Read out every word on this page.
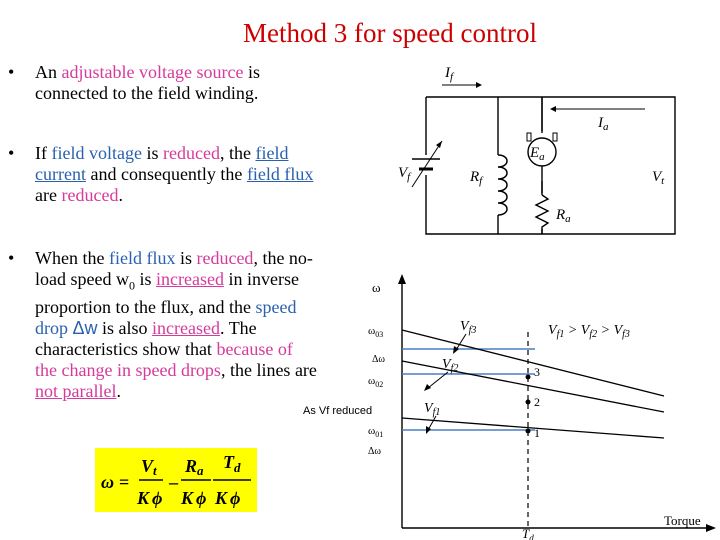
Method 3 for speed control
• An adjustable voltage source is
connected to the field winding.
• If field voltage is reduced, the field
current and consequently the field flux
are reduced.
• When the field flux is reduced, the no-
load speed $w_0$ is increased in inverse
proportion to the flux, and the speed
drop Δw is also increased. The
characteristics show that because of
the change in speed drops, the lines are
not parallel.
As Vf reduced
ω =
Vt
K ϕ
–
Ra
K ϕ
$T_d$
K ϕ
$I_f$
$I_a$
$V_f$	$R_f$
$E_a$
$R_a$
$V_t$
ω
Torque
$T_d$
3
2
1
$\omega_{03}$
$\omega_{02}$
$\omega_{01}$
Δω
Δω
$V_{f3}$
$V_{f2}$
$V_{f1}$
$V_{f1} > V_{f2} > V_{f3}$
